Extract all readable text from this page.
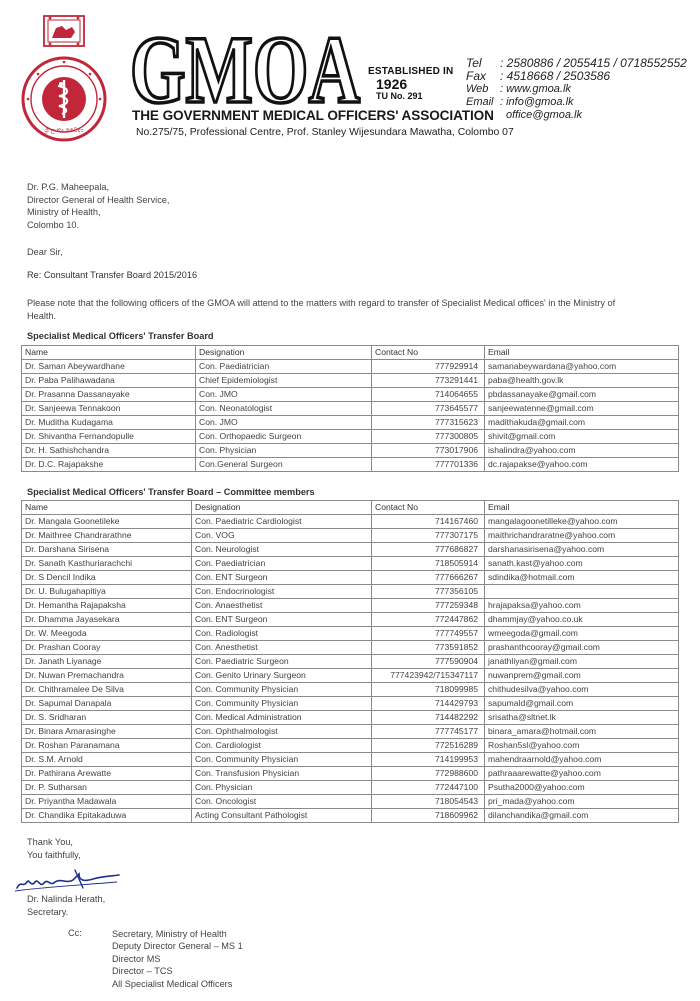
ශ්‍රී ලංකා වෛද්‍ය
GMOA ESTABLISHED IN
1926
TU No. 291
THE GOVERNMENT MEDICAL OFFICERS' ASSOCIATION
No.275/75, Professional Centre, Prof. Stanley Wijesundara Mawatha, Colombo 07
Tel	: 2580886 / 2055415 / 0718552552
Fax	: 4518668 / 2503586
Web	: www.gmoa.lk
Email : info@gmoa.lk
office@gmoa.lk
Dr. P.G. Maheepala,
Director General of Health Service,
Ministry of Health,
Colombo 10.
Dear Sir,
Re: Consultant Transfer Board 2015/2016
Please note that the following officers of the GMOA will attend to the matters with regard to transfer of Specialist Medical offices' in the Ministry of Health.
Specialist Medical Officers' Transfer Board
Specialist Medical Officers' Transfer Board – Committee members
Thank You,
You faithfully,
Dr. Nalinda Herath,
Secretary.
Name	Designation	Contact No	Email
Dr. Saman Abeywardhane	Con. Paediatrician	777929914	samanabeywardana@yahoo.com
Dr. Paba Palihawadana	Chief Epidemiologist	773291441	paba@health.gov.lk
Dr. Prasanna Dassanayake	Con. JMO	714064655	pbdassanayake@gmail.com
Dr. Sanjeewa Tennakoon	Con. Neonatologist	773645577	sanjeewatenne@gmail.com
Dr. Muditha Kudagama	Con. JMO	777315623	madithakuda@gmail.com
Dr. Shivantha Fernandopulle	Con. Orthopaedic Surgeon	777300805	shivit@gmail.com
Dr. H. Sathishchandra	Con. Physician	773017906	ishalindra@yahoo.com
Dr. D.C. Rajapakshe	Con.General Surgeon	777701336	dc.rajapakse@yahoo.com
Name	Designation	Contact No	Email
Dr. Mangala Goonetileke	Con. Paediatric Cardiologist	714167460	mangalagoonetilleke@yahoo.com
Dr. Maithree Chandrarathne	Con. VOG	777307175	maithrichandraratne@yahoo.com
Dr. Darshana Sirisena	Con. Neurologist	777686827	darshanasirisena@yahoo.com
Dr. Sanath Kasthuriarachchi	Con. Paediatrician	718505914	sanath.kast@yahoo.com
Dr. S Dencil Indika	Con. ENT Surgeon	777666267	sdindika@hotmail.com
Dr. U. Bulugahapitiya	Con. Endocrinologist	777356105	
Dr. Hemantha Rajapaksha	Con. Anaesthetist	777259348	hrajapaksa@yahoo.com
Dr. Dhamma Jayasekara	Con. ENT Surgeon	772447862	dhammjay@yahoo.co.uk
Dr. W. Meegoda	Con. Radiologist	777749557	wmeegoda@gmail.com
Dr. Prashan Cooray	Con. Anesthetist	773591852	prashanthcooray@gmail.com
Dr. Janath Liyanage	Con. Paediatric Surgeon	777590904	janathliyan@gmail.com
Dr. Nuwan Premachandra	Con. Genito Urinary Surgeon	777423942/715347117	nuwanprem@gmail.com
Dr. Chithramalee De Silva	Con. Community Physician	718099985	chithudesilva@yahoo.com
Dr. Sapumal Danapala	Con. Community Physician	714429793	sapumald@gmail.com
Dr. S. Sridharan	Con. Medical Administration	714482292	srisatha@sltnet.lk
Dr. Binara Amarasinghe	Con. Ophthalmologist	777745177	binara_amara@hotmail.com
Dr. Roshan Paranamana	Con. Cardiologist	772516289	Roshan5sl@yahoo.com
Dr. S.M. Arnold	Con. Community Physician	714199953	mahendraarnold@yahoo.com
Dr. Pathirana Arewatte	Con. Transfusion Physician	772988600	pathraaarewatte@yahoo.com
Dr. P. Sutharsan	Con. Physician	772447100	Psutha2000@yahoo.com
Dr. Priyantha Madawala	Con. Oncologist	718054543	pri_mada@yahoo.com
Dr. Chandika Epitakaduwa	Acting Consultant Pathologist	718609962	dilanchandika@gmail.com
Cc:	Secretary, Ministry of Health
Deputy Director General – MS 1
Director MS
Director – TCS
All Specialist Medical Officers
